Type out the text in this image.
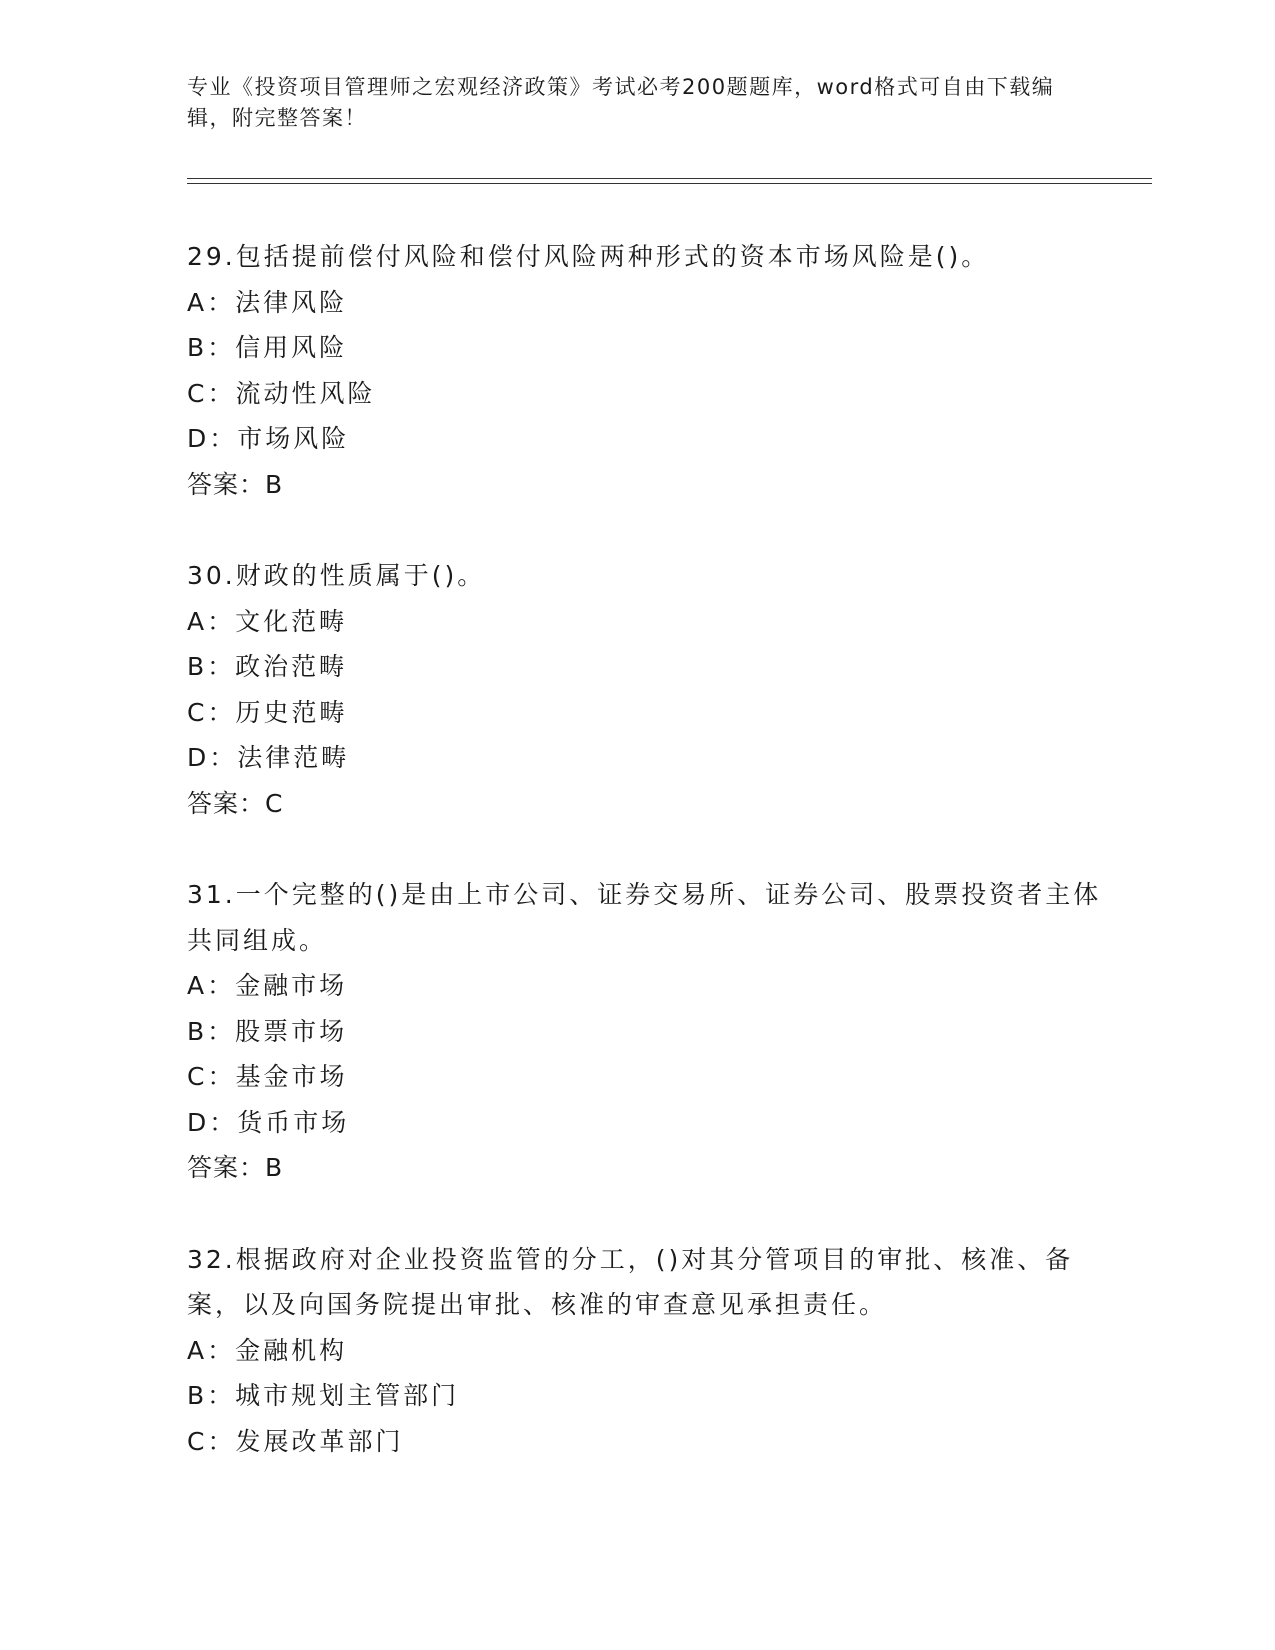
专业《投资项目管理师之宏观经济政策》考试必考200题题库，word格式可自由下载编辑，附完整答案！
29.包括提前偿付风险和偿付风险两种形式的资本市场风险是()。
A：法律风险
B：信用风险
C：流动性风险
D：市场风险
答案：B
30.财政的性质属于()。
A：文化范畴
B：政治范畴
C：历史范畴
D：法律范畴
答案：C
31.一个完整的()是由上市公司、证券交易所、证券公司、股票投资者主体共同组成。
A：金融市场
B：股票市场
C：基金市场
D：货币市场
答案：B
32.根据政府对企业投资监管的分工，()对其分管项目的审批、核准、备案，以及向国务院提出审批、核准的审查意见承担责任。
A：金融机构
B：城市规划主管部门
C：发展改革部门
